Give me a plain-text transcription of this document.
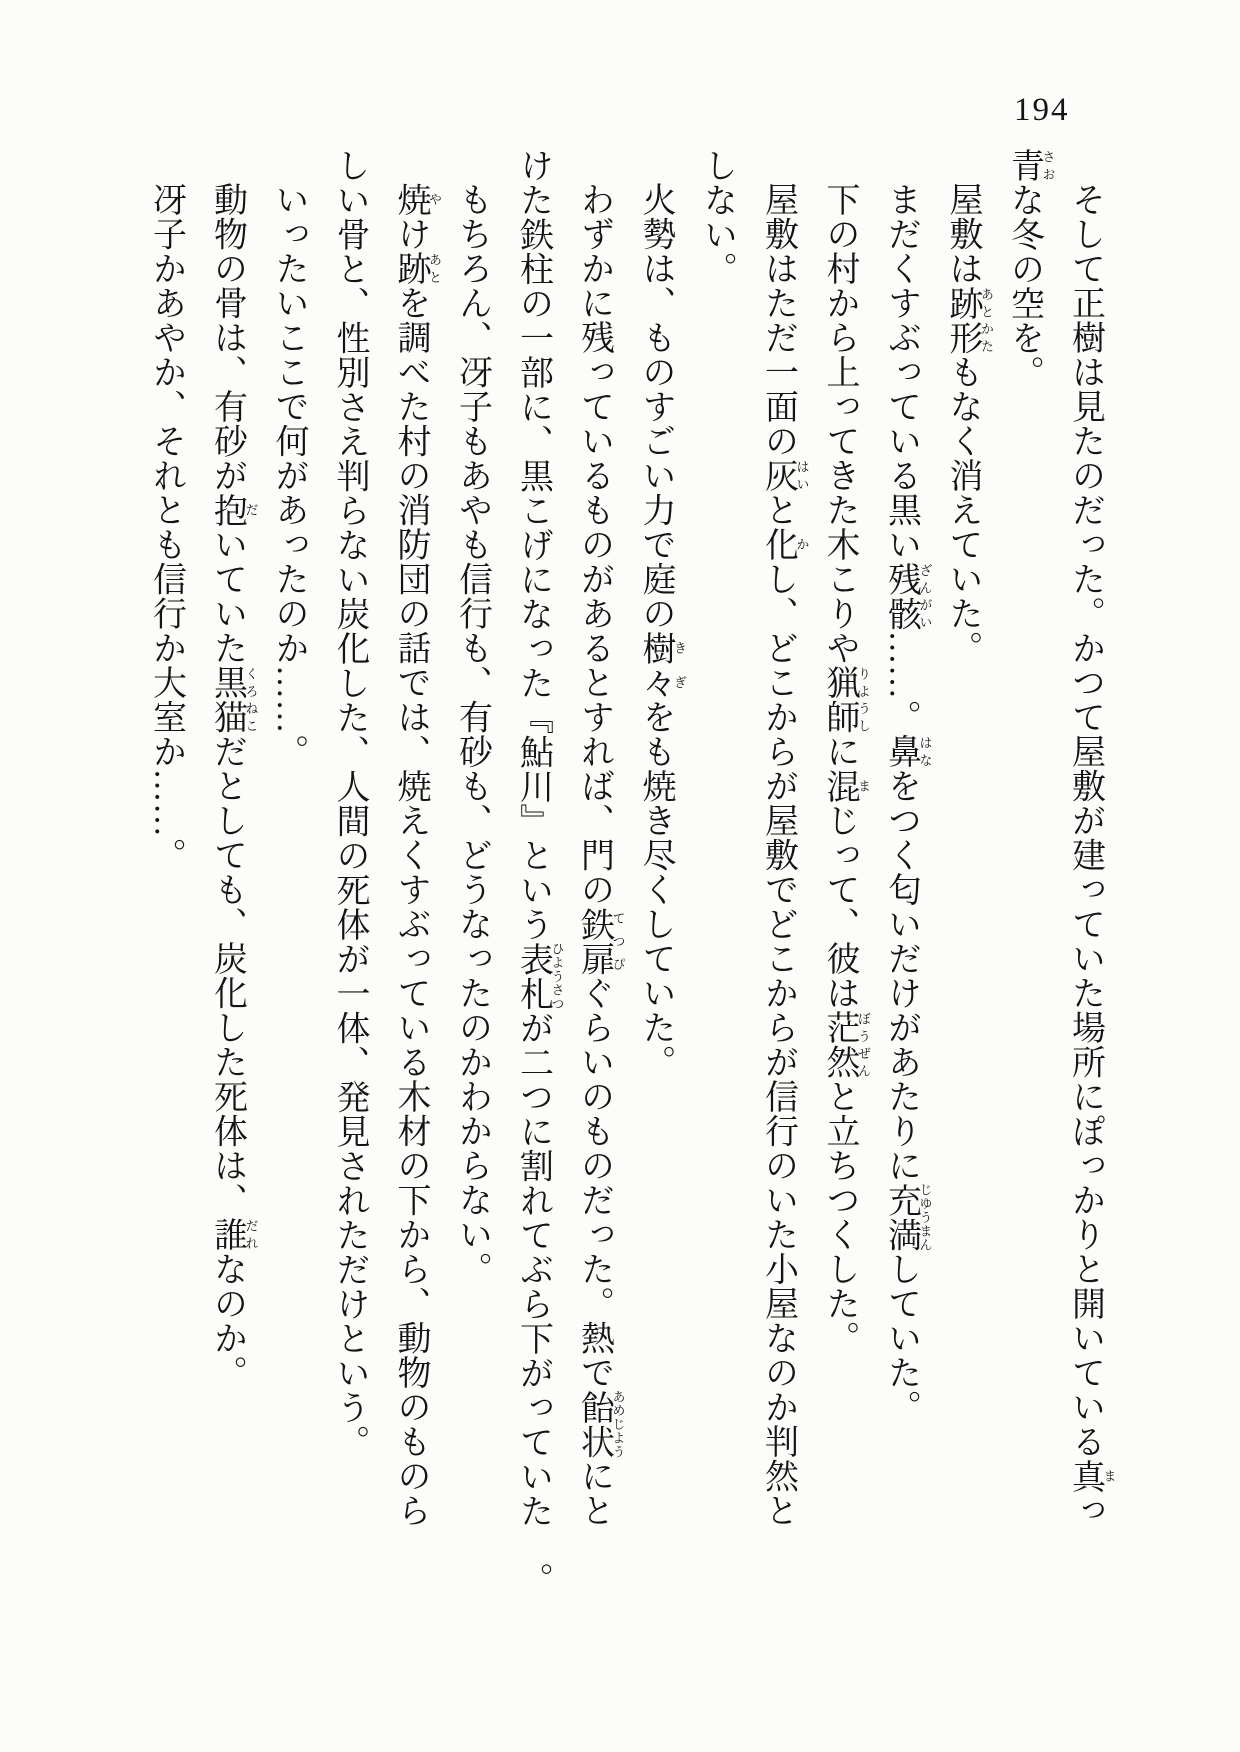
194

そして正樹は見たのだった。かつて屋敷が建っていた場所にぽっかりと開いている真まっ青さおな冬の空を。

屋敷は跡形あとかたもなく消えていた。

まだくすぶっている黒い残骸ざんがい……。鼻はなをつく匂いだけがあたりに充満じゆうまんしていた。

下の村から上ってきた木こりや猟師りようしに混まじって、彼は茫然ぼうぜんと立ちつくした。

屋敷はただ一面の灰はいと化かし、どこからが屋敷でどこからが信行のいた小屋なのか判然としない。

火勢は、ものすごい力で庭の樹々きぎをも焼き尽くしていた。

わずかに残っているものがあるとすれば、門の鉄扉てつぴぐらいのものだった。熱で飴状あめじようにとけた鉄柱の一部に、黒こげになった『鮎川』という表札ひようさつが二つに割れてぶら下がっていた。

もちろん、冴子もあやも信行も、有砂も、どうなったのかわからない。

焼やけ跡あとを調べた村の消防団の話では、焼えくすぶっている木材の下から、動物のものらしい骨と、性別さえ判らない炭化した、人間の死体が一体、発見されただけという。

いったいここで何があったのか……。

動物の骨は、有砂が抱だいていた黒猫くろねこだとしても、炭化した死体は、誰だれなのか。

冴子かあやか、それとも信行か大室か……。
